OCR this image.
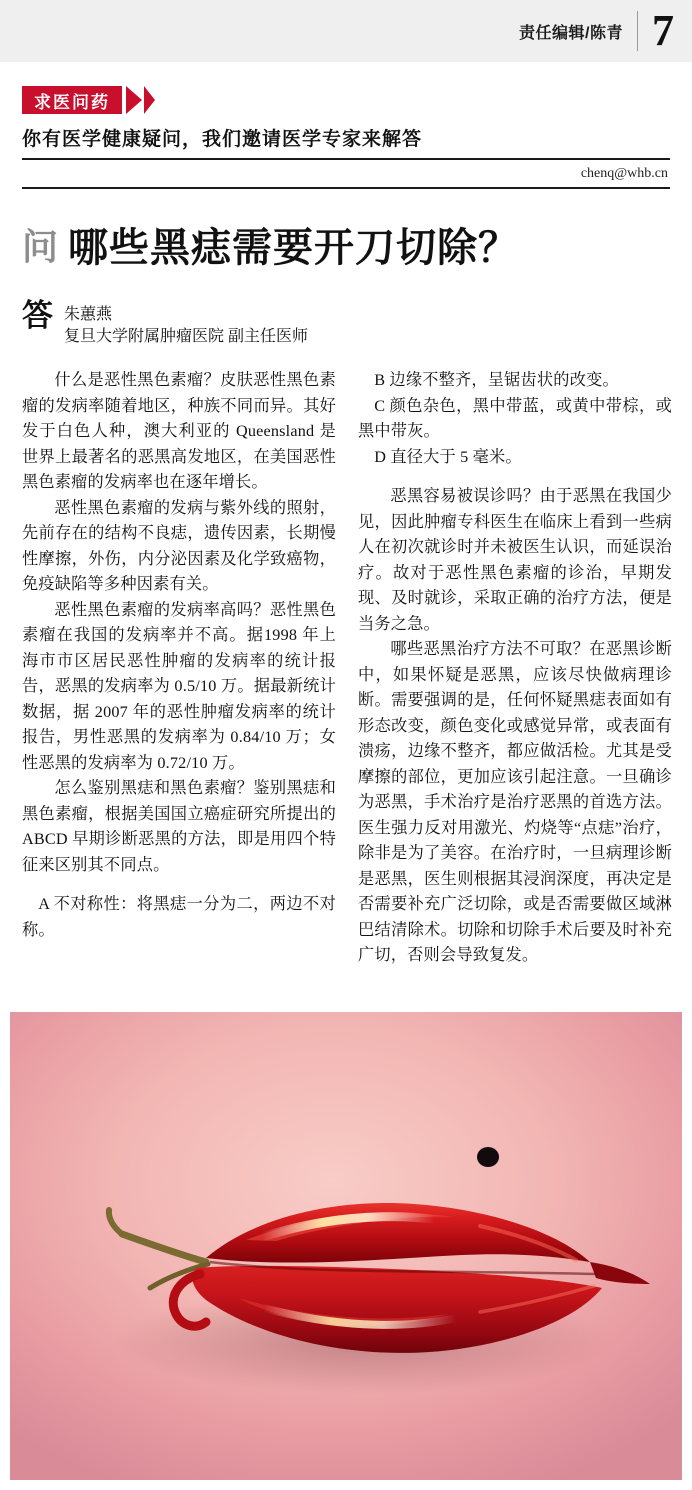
责任编辑/陈青 7
求医问药
你有医学健康疑问，我们邀请医学专家来解答
chenq@whb.cn
问 哪些黑痣需要开刀切除？
答 朱蕙燕
复旦大学附属肿瘤医院 副主任医师

什么是恶性黑色素瘤？皮肤恶性黑色素瘤的发病率随着地区，种族不同而异。其好发于白色人种，澳大利亚的 Queensland 是世界上最著名的恶黑高发地区，在美国恶性黑色素瘤的发病率也在逐年增长。

恶性黑色素瘤的发病与紫外线的照射，先前存在的结构不良痣，遗传因素，长期慢性摩擦，外伤，内分泌因素及化学致癌物，免疫缺陷等多种因素有关。

恶性黑色素瘤的发病率高吗？恶性黑色素瘤在我国的发病率并不高。据1998 年上海市市区居民恶性肿瘤的发病率的统计报告，恶黑的发病率为 0.5/10 万。据最新统计数据，据 2007 年的恶性肿瘤发病率的统计报告，男性恶黑的发病率为 0.84/10 万；女性恶黑的发病率为 0.72/10 万。

怎么鉴别黑痣和黑色素瘤？鉴别黑痣和黑色素瘤，根据美国国立癌症研究所提出的 ABCD 早期诊断恶黑的方法，即是用四个特征来区别其不同点。

A 不对称性：将黑痣一分为二，两边不对称。

B 边缘不整齐，呈锯齿状的改变。

C 颜色杂色，黑中带蓝，或黄中带棕，或黑中带灰。

D 直径大于 5 毫米。

恶黑容易被误诊吗？由于恶黑在我国少见，因此肿瘤专科医生在临床上看到一些病人在初次就诊时并未被医生认识，而延误治疗。故对于恶性黑色素瘤的诊治，早期发现、及时就诊，采取正确的治疗方法，便是当务之急。

哪些恶黑治疗方法不可取？在恶黑诊断中，如果怀疑是恶黑，应该尽快做病理诊断。需要强调的是，任何怀疑黑痣表面如有形态改变，颜色变化或感觉异常，或表面有溃疡，边缘不整齐，都应做活检。尤其是受摩擦的部位，更加应该引起注意。一旦确诊为恶黑，手术治疗是治疗恶黑的首选方法。医生强力反对用激光、灼烧等“点痣”治疗，除非是为了美容。在治疗时，一旦病理诊断是恶黑，医生则根据其浸润深度，再决定是否需要补充广泛切除，或是否需要做区域淋巴结清除术。切除和切除手术后要及时补充广切，否则会导致复发。
